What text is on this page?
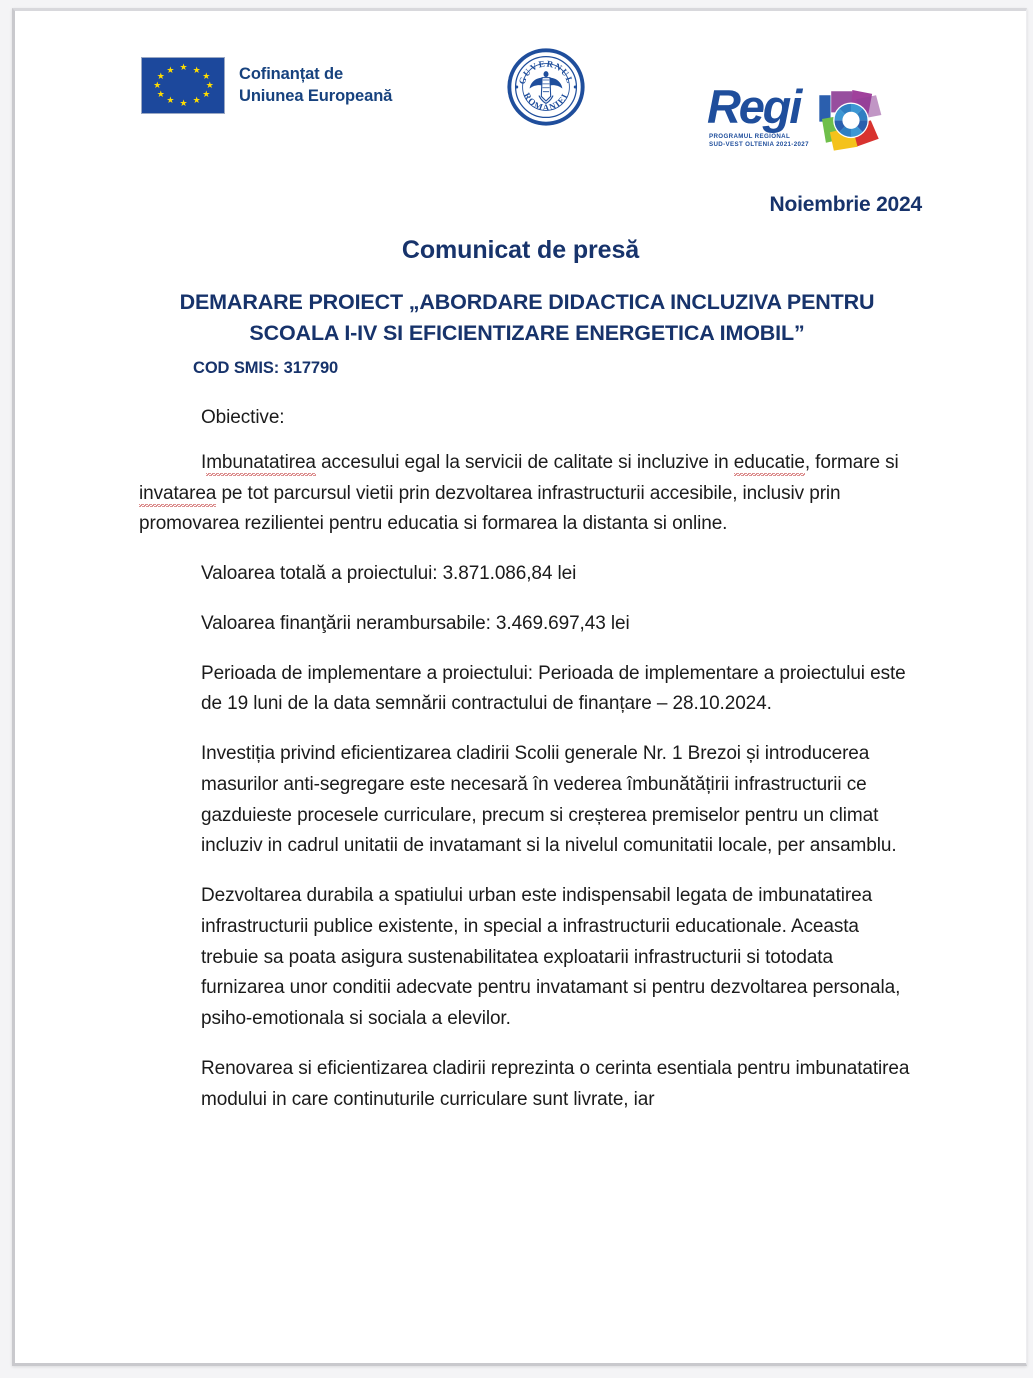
★ ★
★
★
★
★
★
★
★
★
★
★	Cofinanțat de
Uniunea Europeană
GUVERNUL
ROMANIEI	Regi
PROGRAMUL REGIONAL
SUD-VEST OLTENIA 2021-2027
Noiembrie 2024
Comunicat de presă
DEMARARE PROIECT „ABORDARE DIDACTICA INCLUZIVA PENTRU SCOALA I-IV SI EFICIENTIZARE ENERGETICA IMOBIL”
COD SMIS: 317790

Obiective:

Imbunatatirea accesului egal la servicii de calitate si incluzive in educatie, formare si invatarea pe tot parcursul vietii prin dezvoltarea infrastructurii accesibile, inclusiv prin promovarea rezilientei pentru educatia si formarea la distanta si online.

Valoarea totală a proiectului: 3.871.086,84 lei

Valoarea finanţării nerambursabile: 3.469.697,43 lei

Perioada de implementare a proiectului: Perioada de implementare a proiectului este de 19 luni de la data semnării contractului de finanțare – 28.10.2024.

Investiția privind eficientizarea cladirii Scolii generale Nr. 1 Brezoi și introducerea masurilor anti-segregare este necesară în vederea îmbunătățirii infrastructurii ce gazduieste procesele curriculare, precum si creșterea premiselor pentru un climat incluziv in cadrul unitatii de invatamant si la nivelul comunitatii locale, per ansamblu.

Dezvoltarea durabila a spatiului urban este indispensabil legata de imbunatatirea infrastructurii publice existente, in special a infrastructurii educationale. Aceasta trebuie sa poata asigura sustenabilitatea exploatarii infrastructurii si totodata furnizarea unor conditii adecvate pentru invatamant si pentru dezvoltarea personala, psiho-emotionala si sociala a elevilor.

Renovarea si eficientizarea cladirii reprezinta o cerinta esentiala pentru imbunatatirea modului in care continuturile curriculare sunt livrate, iar
